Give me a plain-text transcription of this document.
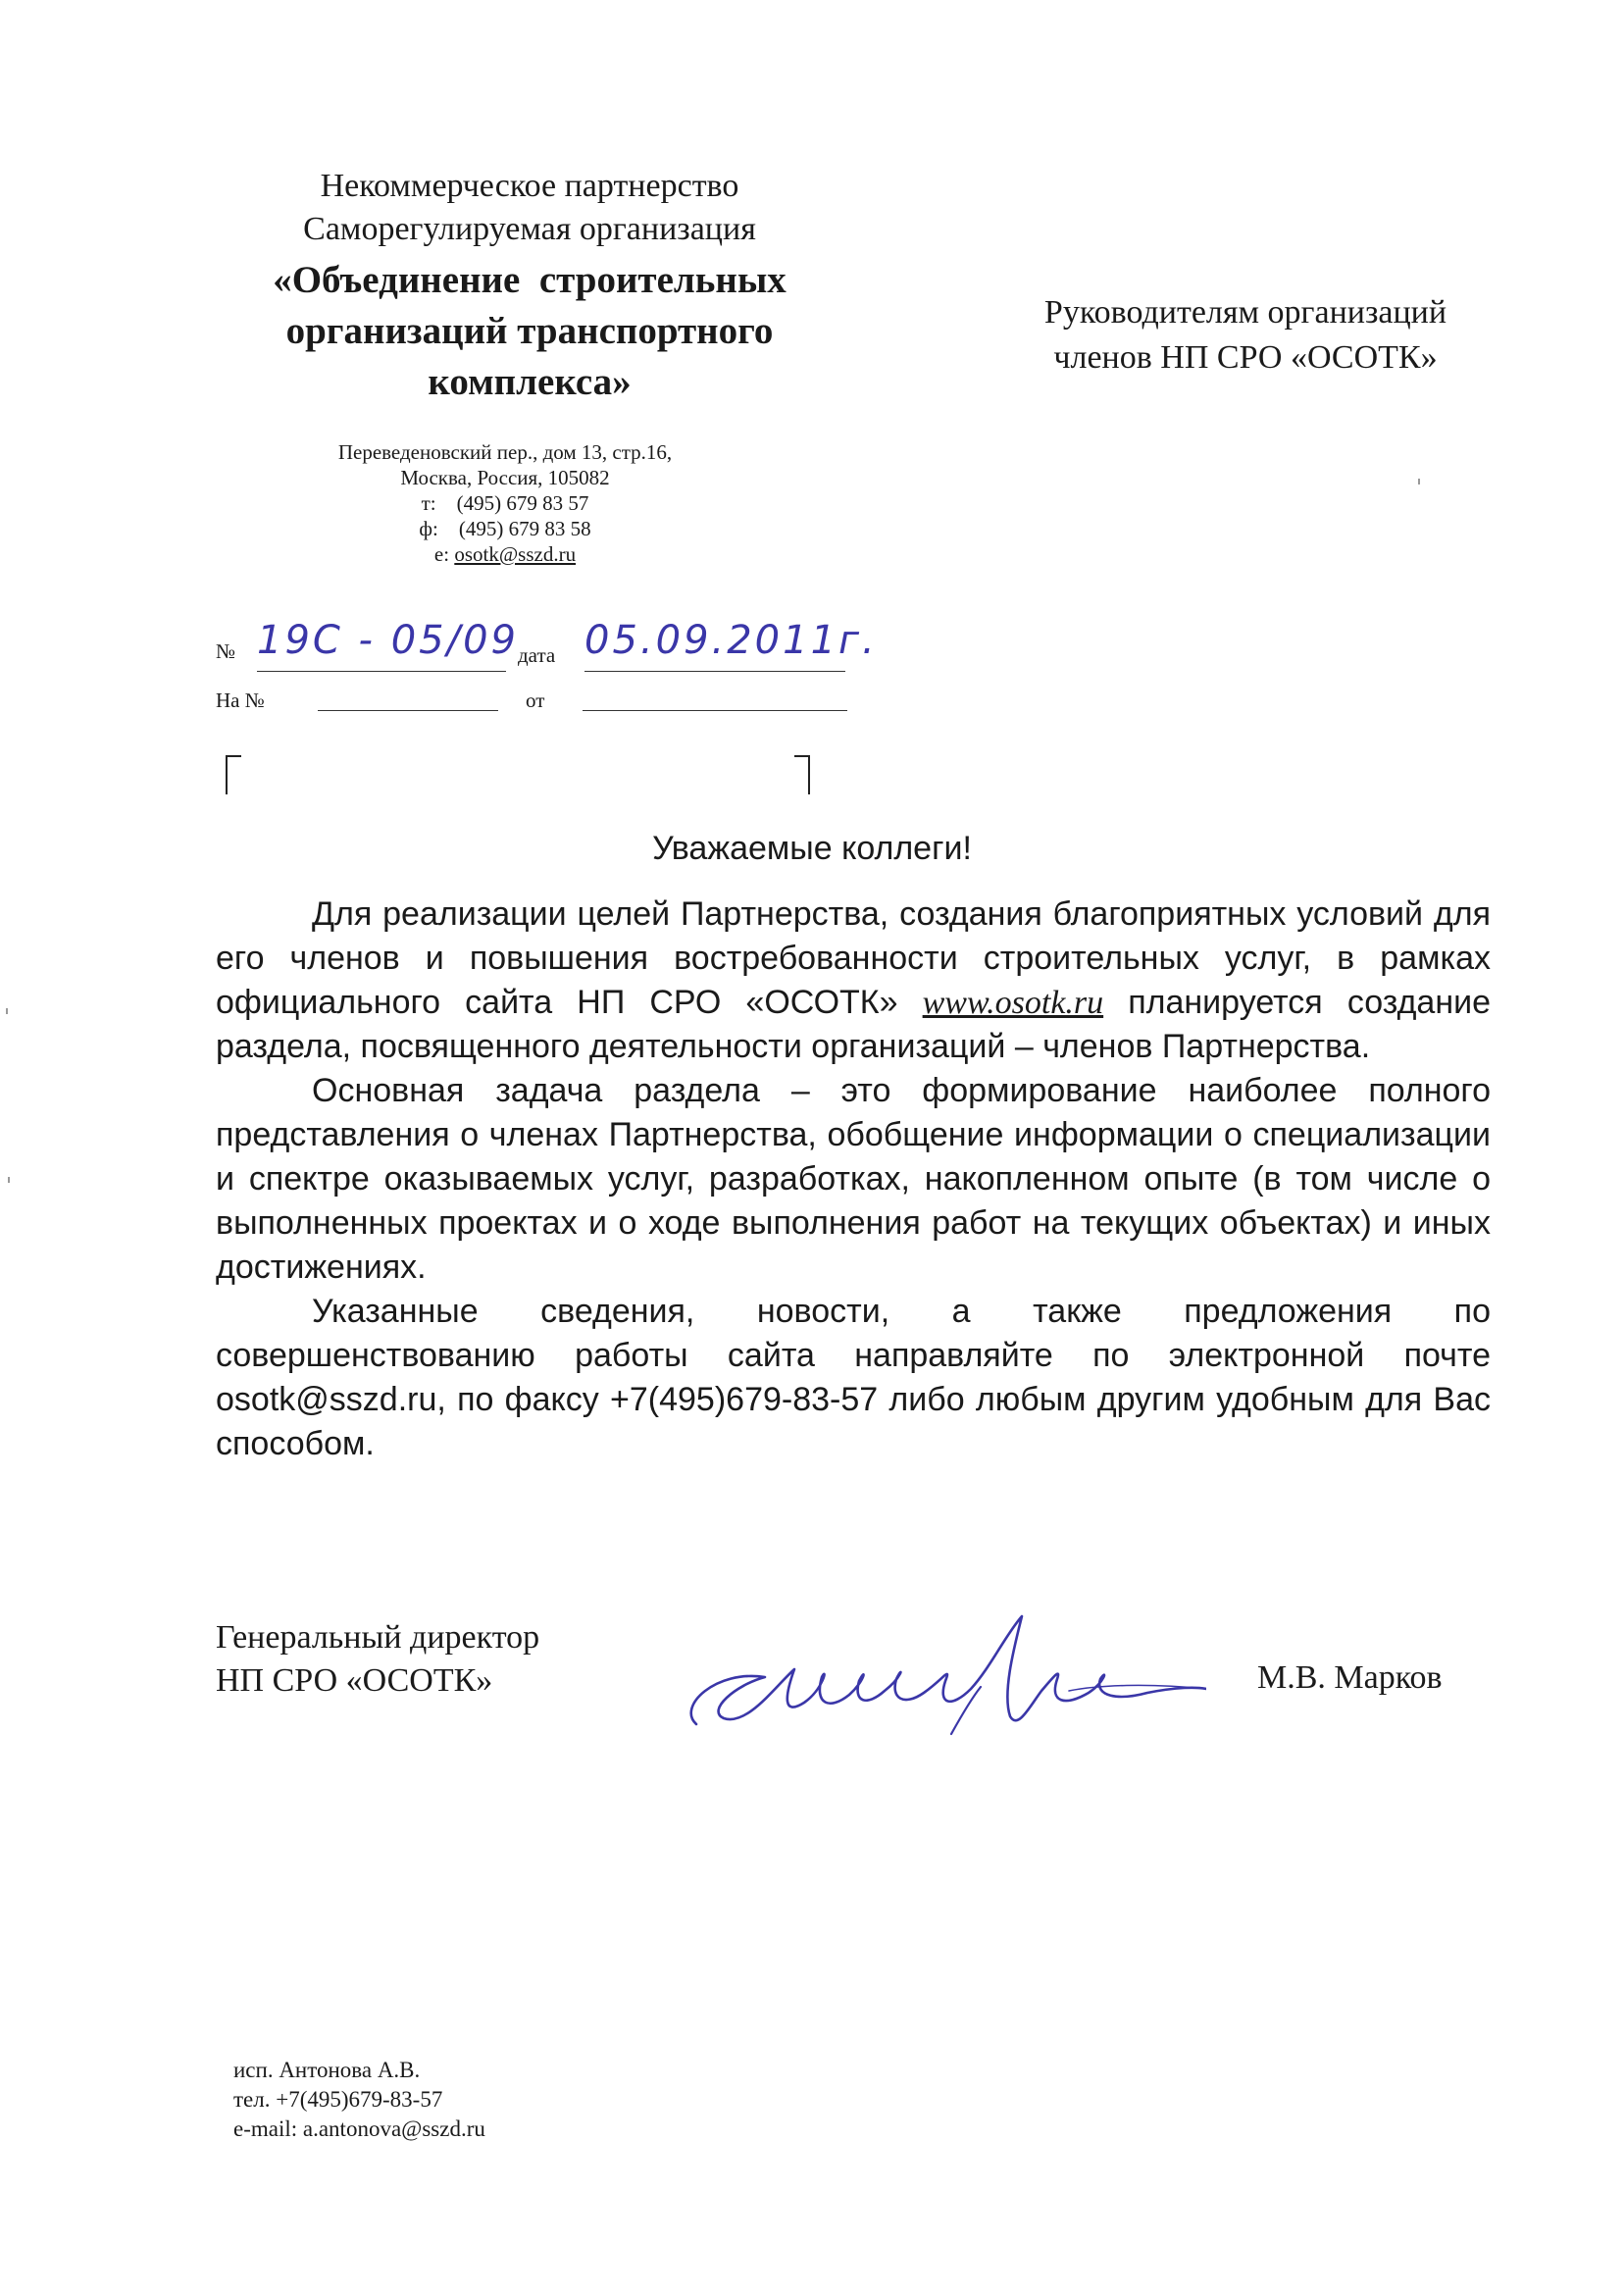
Некоммерческое партнерство
Саморегулируемая организация
«Объединение  строительных
организаций транспортного
комплекса»
Переведеновский пер., дом 13, стр.16,
Москва, Россия, 105082
т: (495) 679 83 57
ф: (495) 679 83 58
e: osotk@sszd.ru
Руководителям организаций
членов НП СРО «ОСОТК»
№ 19С - 05/09 дата 05.09.2011г.
На №	от
Уважаемые коллеги!

Для реализации целей Партнерства, создания благоприятных условий для его членов и повышения востребованности строительных услуг, в рамках официального сайта НП СРО «ОСОТК» www.osotk.ru планируется создание раздела, посвященного деятельности организаций – членов Партнерства.

Основная задача раздела – это формирование наиболее полного представления о членах Партнерства, обобщение информации о специализации и спектре оказываемых услуг, разработках, накопленном опыте (в том числе о выполненных проектах и о ходе выполнения работ на текущих объектах) и иных достижениях.

Указанные сведения, новости, а также предложения по совершенствованию работы сайта направляйте по электронной почте osotk@sszd.ru, по факсу +7(495)679-83-57 либо любым другим удобным для Вас способом.

Генеральный директор
НП СРО «ОСОТК»	М.В. Марков
исп. Антонова А.В.
тел. +7(495)679-83-57
e-mail: a.antonova@sszd.ru
